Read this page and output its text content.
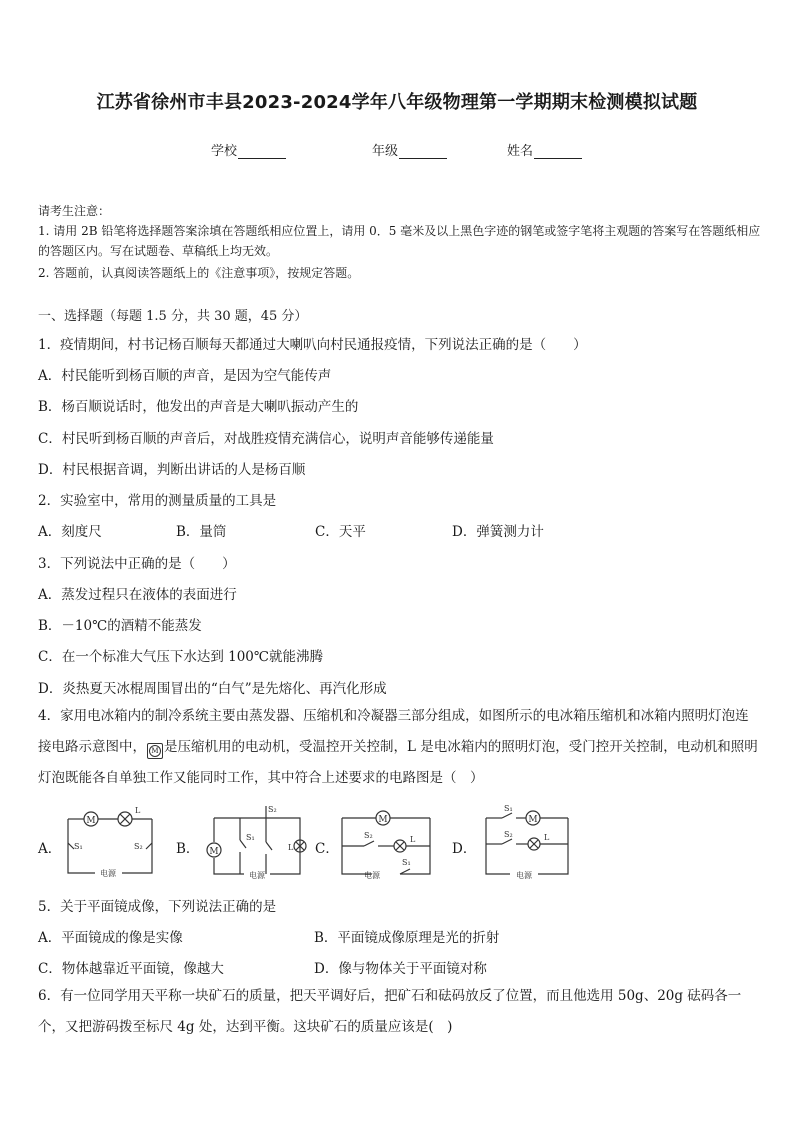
江苏省徐州市丰县2023-2024学年八年级物理第一学期期末检测模拟试题
学校	年级	姓名
请考生注意：
1. 请用 2B 铅笔将选择题答案涂填在答题纸相应位置上，请用 0．5 毫米及以上黑色字迹的钢笔或签字笔将主观题的答案写在答题纸相应的答题区内。写在试题卷、草稿纸上均无效。
2. 答题前，认真阅读答题纸上的《注意事项》，按规定答题。
一、选择题（每题 1.5 分，共 30 题，45 分）
1．疫情期间，村书记杨百顺每天都通过大喇叭向村民通报疫情，下列说法正确的是（　　）
A．村民能听到杨百顺的声音，是因为空气能传声
B．杨百顺说话时，他发出的声音是大喇叭振动产生的
C．村民听到杨百顺的声音后，对战胜疫情充满信心，说明声音能够传递能量
D．村民根据音调，判断出讲话的人是杨百顺
2．实验室中，常用的测量质量的工具是
A．刻度尺	B．量筒	C．天平	D．弹簧测力计
3．下列说法中正确的是（　　）
A．蒸发过程只在液体的表面进行
B．－10℃的酒精不能蒸发
C．在一个标准大气压下水达到 100℃就能沸腾
D．炎热夏天冰棍周围冒出的“白气”是先熔化、再汽化形成
4．家用电冰箱内的制冷系统主要由蒸发器、压缩机和冷凝器三部分组成，如图所示的电冰箱压缩机和冰箱内照明灯泡连接电路示意图中， M 是压缩机用的电动机，受温控开关控制，L 是电冰箱内的照明灯泡，受门控开关控制，电动机和照明灯泡既能各自单独工作又能同时工作，其中符合上述要求的电路图是（　）
A．
M
L
S₁	S₂
电源
B． M	L
S₁
S₂
电源
C．
M
L
S₂
S₁
电源
D．
M
L
S₁
S₂
电源
5．关于平面镜成像，下列说法正确的是
A．平面镜成的像是实像	B．平面镜成像原理是光的折射
C．物体越靠近平面镜，像越大	D．像与物体关于平面镜对称
6．有一位同学用天平称一块矿石的质量，把天平调好后，把矿石和砝码放反了位置，而且他选用 50g、20g 砝码各一个，又把游码拨至标尺 4g 处，达到平衡。这块矿石的质量应该是(　)
